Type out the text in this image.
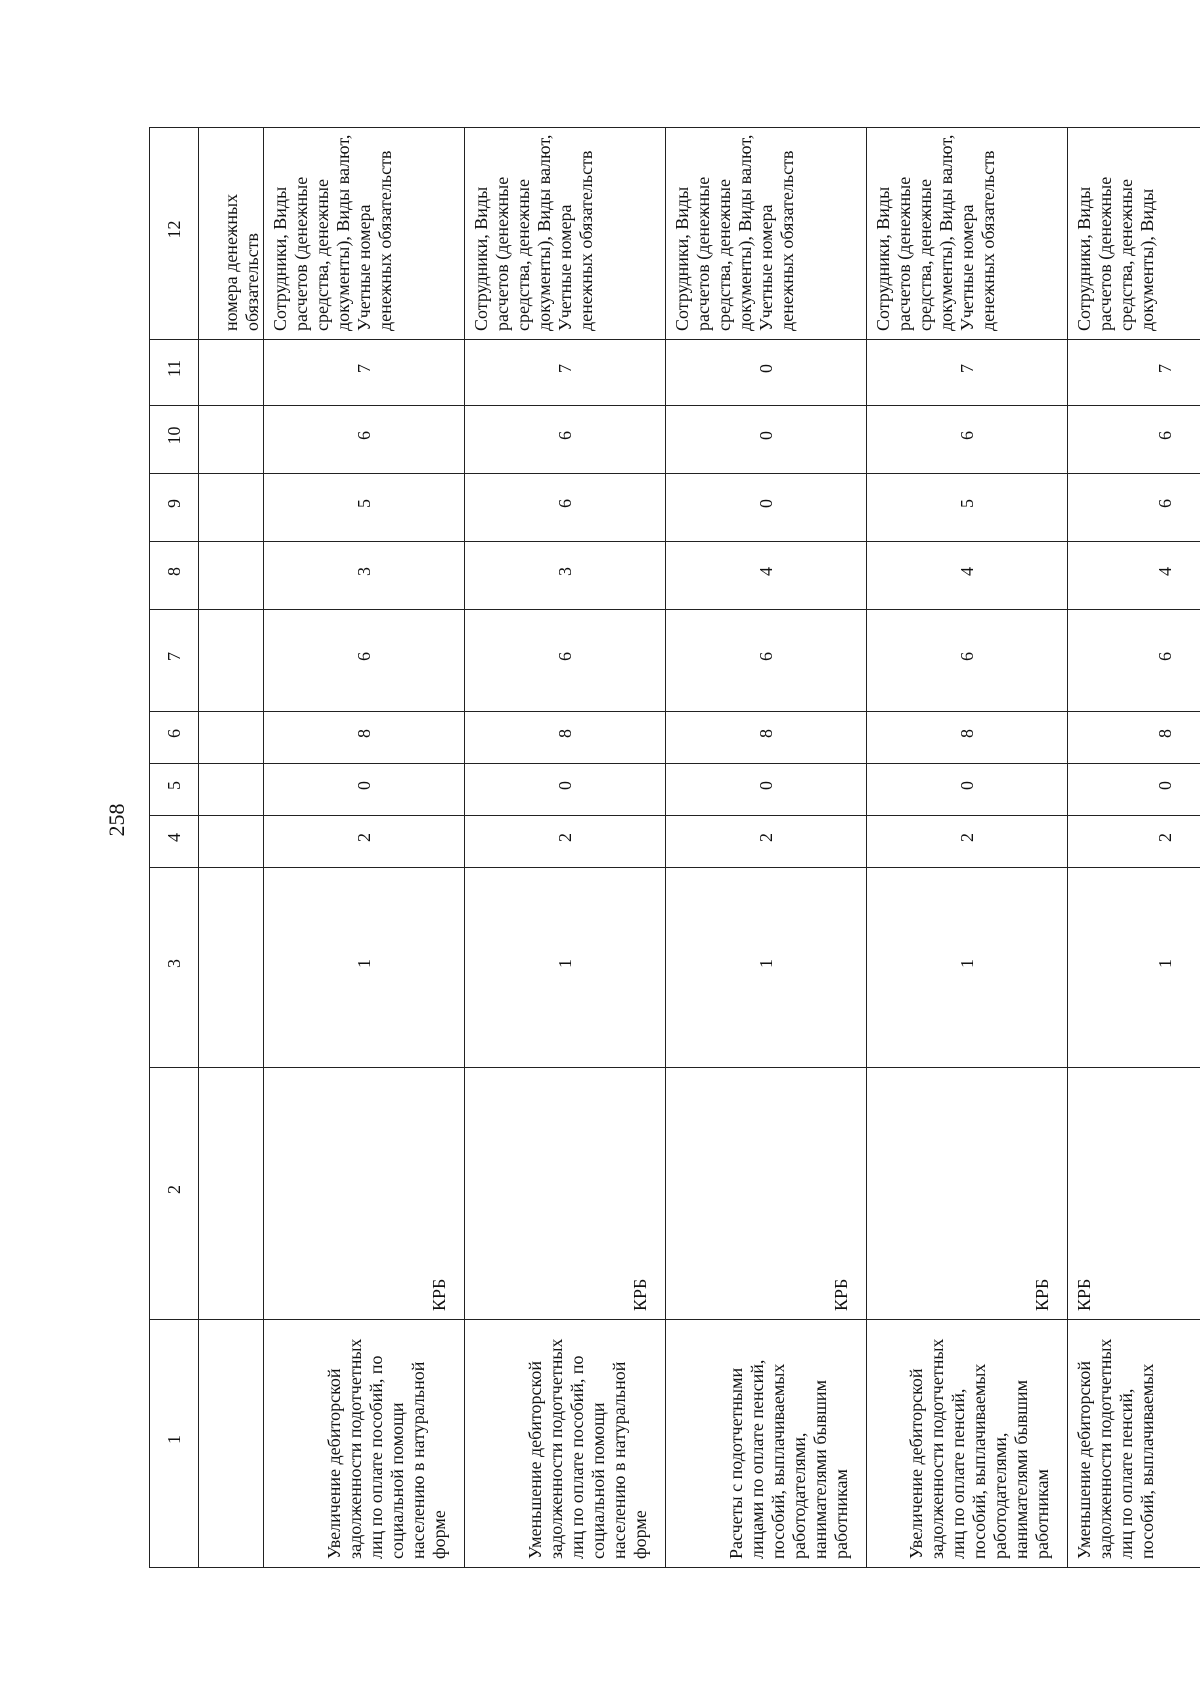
258
1	2	3	4	5	6	7	8	9	10	11	12
											номера денежных обязательств
Увеличение дебиторской задолженности подотчетных лиц по оплате пособий, по социальной помощи населению в натуральной форме	КРБ	1	2	0	8	6	3	5	6	7	Сотрудники, Виды расчетов (денежные средства, денежные документы), Виды валют, Учетные номера денежных обязательств
Уменьшение дебиторской задолженности подотчетных лиц по оплате пособий, по социальной помощи населению в натуральной форме	КРБ	1	2	0	8	6	3	6	6	7	Сотрудники, Виды расчетов (денежные средства, денежные документы), Виды валют, Учетные номера денежных обязательств
Расчеты с подотчетными лицами по оплате пенсий, пособий, выплачиваемых работодателями, нанимателями бывшим работникам	КРБ	1	2	0	8	6	4	0	0	0	Сотрудники, Виды расчетов (денежные средства, денежные документы), Виды валют, Учетные номера денежных обязательств
Увеличение дебиторской задолженности подотчетных лиц по оплате пенсий, пособий, выплачиваемых работодателями, нанимателями бывшим работникам	КРБ	1	2	0	8	6	4	5	6	7	Сотрудники, Виды расчетов (денежные средства, денежные документы), Виды валют, Учетные номера денежных обязательств
Уменьшение дебиторской задолженности подотчетных лиц по оплате пенсий, пособий, выплачиваемых	КРБ	1	2	0	8	6	4	6	6	7	Сотрудники, Виды расчетов (денежные средства, денежные документы), Виды
